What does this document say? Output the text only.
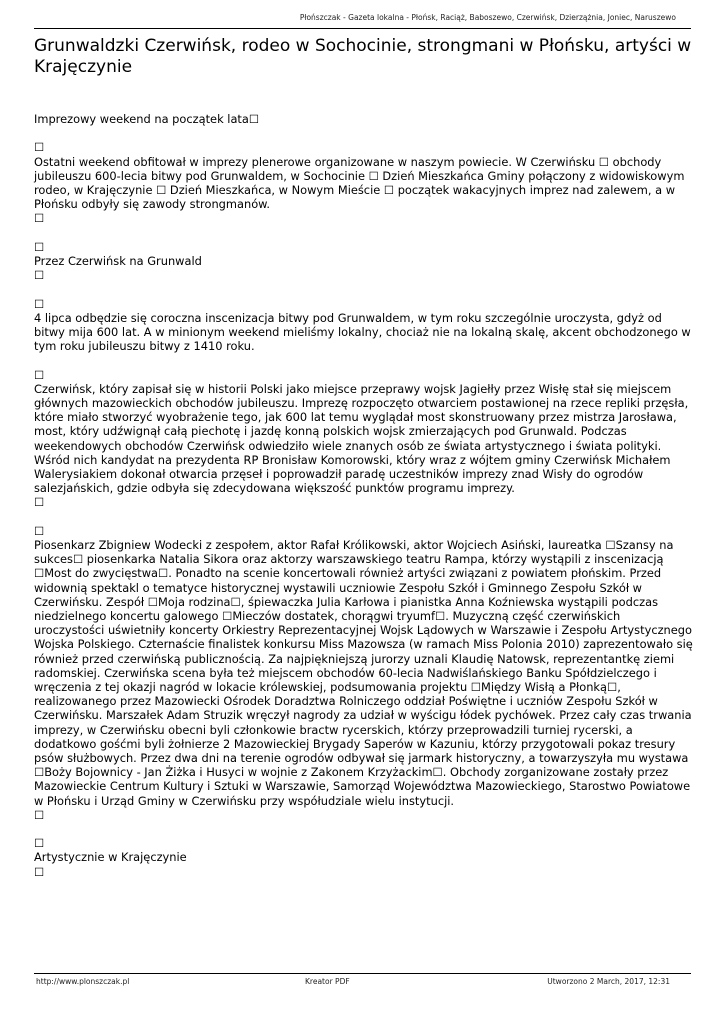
Płońszczak - Gazeta lokalna - Płońsk, Raciąż, Baboszewo, Czerwińsk, Dzierzążnia, Joniec, Naruszewo
Grunwaldzki Czerwińsk, rodeo w Sochocinie, strongmani w Płońsku, artyści w Krajęczynie

Imprezowy weekend na początek lata☐

☐

Ostatni weekend obfitował w imprezy plenerowe organizowane w naszym powiecie. W Czerwińsku ☐ obchody jubileuszu 600-lecia bitwy pod Grunwaldem, w Sochocinie ☐ Dzień Mieszkańca Gminy połączony z widowiskowym rodeo, w Krajęczynie ☐ Dzień Mieszkańca, w Nowym Mieście ☐ początek wakacyjnych imprez nad zalewem, a w Płońsku odbyły się zawody strongmanów.

☐

☐

Przez Czerwińsk na Grunwald

☐

☐

4 lipca odbędzie się coroczna inscenizacja bitwy pod Grunwaldem, w tym roku szczególnie uroczysta, gdyż od bitwy mija 600 lat. A w minionym weekend mieliśmy lokalny, chociaż nie na lokalną skalę, akcent obchodzonego w tym roku jubileuszu bitwy z 1410 roku.

☐

Czerwińsk, który zapisał się w historii Polski jako miejsce przeprawy wojsk Jagiełły przez Wisłę stał się miejscem głównych mazowieckich obchodów jubileuszu. Imprezę rozpoczęto otwarciem postawionej na rzece repliki przęsła, które miało stworzyć wyobrażenie tego, jak 600 lat temu wyglądał most skonstruowany przez mistrza Jarosława, most, który udźwignął całą piechotę i jazdę konną polskich wojsk zmierzających pod Grunwald. Podczas weekendowych obchodów Czerwińsk odwiedziło wiele znanych osób ze świata artystycznego i świata polityki. Wśród nich kandydat na prezydenta RP Bronisław Komorowski, który wraz z wójtem gminy Czerwińsk Michałem Walerysiakiem dokonał otwarcia przęseł i poprowadził paradę uczestników imprezy znad Wisły do ogrodów salezjańskich, gdzie odbyła się zdecydowana większość punktów programu imprezy.

☐

☐

Piosenkarz Zbigniew Wodecki z zespołem, aktor Rafał Królikowski, aktor Wojciech Asiński, laureatka ☐Szansy na sukces☐ piosenkarka Natalia Sikora oraz aktorzy warszawskiego teatru Rampa, którzy wystąpili z inscenizacją ☐Most do zwycięstwa☐. Ponadto na scenie koncertowali również artyści związani z powiatem płońskim. Przed widownią spektakl o tematyce historycznej wystawili uczniowie Zespołu Szkół i Gminnego Zespołu Szkół w Czerwińsku. Zespół ☐Moja rodzina☐, śpiewaczka Julia Karłowa i pianistka Anna Koźniewska wystąpili podczas niedzielnego koncertu galowego ☐Mieczów dostatek, chorągwi tryumf☐. Muzyczną część czerwińskich uroczystości uświetniły koncerty Orkiestry Reprezentacyjnej Wojsk Lądowych w Warszawie i Zespołu Artystycznego Wojska Polskiego. Czternaście finalistek konkursu Miss Mazowsza (w ramach Miss Polonia 2010) zaprezentowało się również przed czerwińską publicznością. Za najpiękniejszą jurorzy uznali Klaudię Natowsk, reprezentantkę ziemi radomskiej. Czerwińska scena była też miejscem obchodów 60-lecia Nadwiślańskiego Banku Spółdzielczego i wręczenia z tej okazji nagród w lokacie królewskiej, podsumowania projektu ☐Między Wisłą a Płonką☐, realizowanego przez Mazowiecki Ośrodek Doradztwa Rolniczego oddział Poświętne i uczniów Zespołu Szkół w Czerwińsku. Marszałek Adam Struzik wręczył nagrody za udział w wyścigu łódek pychówek. Przez cały czas trwania imprezy, w Czerwińsku obecni byli członkowie bractw rycerskich, którzy przeprowadzili turniej rycerski, a dodatkowo gośćmi byli żołnierze 2 Mazowieckiej Brygady Saperów w Kazuniu, którzy przygotowali pokaz tresury psów służbowych. Przez dwa dni na terenie ogrodów odbywał się jarmark historyczny, a towarzyszyła mu wystawa ☐Boży Bojownicy - Jan Żiżka i Husyci w wojnie z Zakonem Krzyżackim☐. Obchody zorganizowane zostały przez Mazowieckie Centrum Kultury i Sztuki w Warszawie, Samorząd Województwa Mazowieckiego, Starostwo Powiatowe w Płońsku i Urząd Gminy w Czerwińsku przy współudziale wielu instytucji.

☐

☐

Artystycznie w Krajęczynie

☐

http://www.plonszczak.pl	Kreator PDF	Utworzono 2 March, 2017, 12:31
